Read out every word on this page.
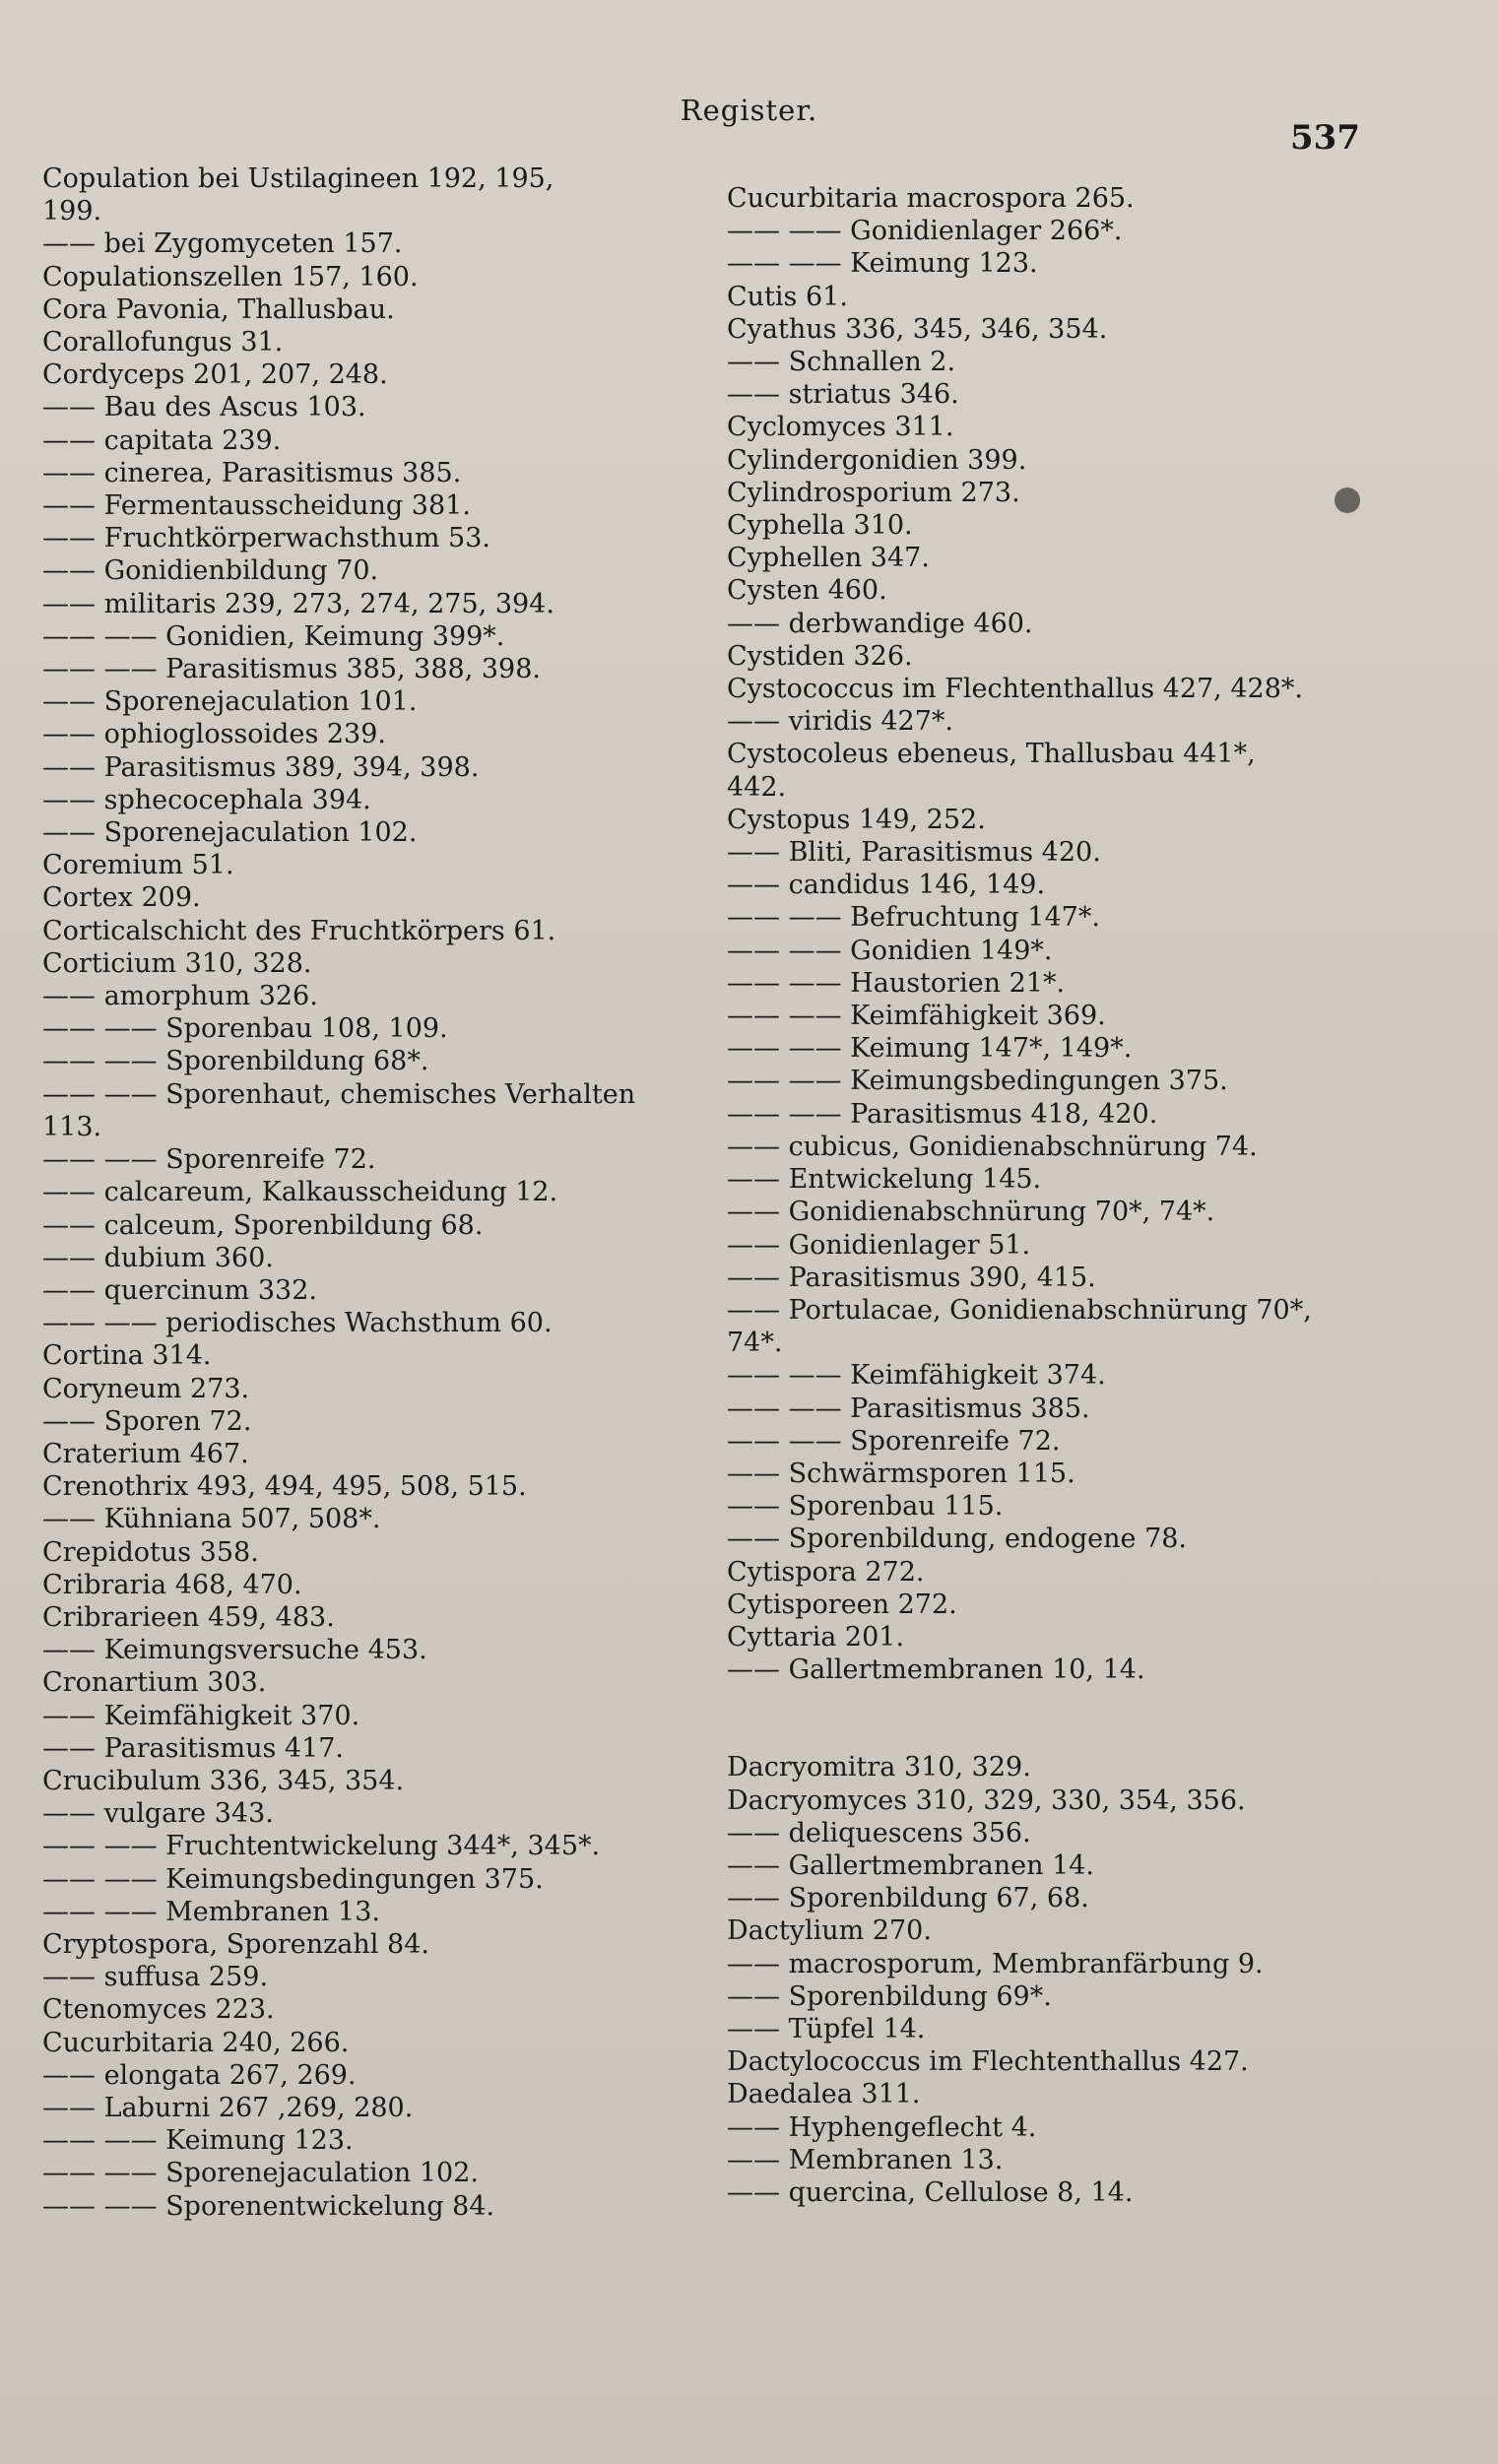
Register.
537
Copulation bei Ustilagineen 192, 195,
199.
—— bei Zygomyceten 157.
Copulationszellen 157, 160.
Cora Pavonia, Thallusbau.
Corallofungus 31.
Cordyceps 201, 207, 248.
—— Bau des Ascus 103.
—— capitata 239.
—— cinerea, Parasitismus 385.
—— Fermentausscheidung 381.
—— Fruchtkörperwachsthum 53.
—— Gonidienbildung 70.
—— militaris 239, 273, 274, 275, 394.
—— —— Gonidien, Keimung 399*.
—— —— Parasitismus 385, 388, 398.
—— Sporenejaculation 101.
—— ophioglossoides 239.
—— Parasitismus 389, 394, 398.
—— sphecocephala 394.
—— Sporenejaculation 102.
Coremium 51.
Cortex 209.
Corticalschicht des Fruchtkörpers 61.
Corticium 310, 328.
—— amorphum 326.
—— —— Sporenbau 108, 109.
—— —— Sporenbildung 68*.
—— —— Sporenhaut, chemisches Verhalten
113.
—— —— Sporenreife 72.
—— calcareum, Kalkausscheidung 12.
—— calceum, Sporenbildung 68.
—— dubium 360.
—— quercinum 332.
—— —— periodisches Wachsthum 60.
Cortina 314.
Coryneum 273.
—— Sporen 72.
Craterium 467.
Crenothrix 493, 494, 495, 508, 515.
—— Kühniana 507, 508*.
Crepidotus 358.
Cribraria 468, 470.
Cribrarieen 459, 483.
—— Keimungsversuche 453.
Cronartium 303.
—— Keimfähigkeit 370.
—— Parasitismus 417.
Crucibulum 336, 345, 354.
—— vulgare 343.
—— —— Fruchtentwickelung 344*, 345*.
—— —— Keimungsbedingungen 375.
—— —— Membranen 13.
Cryptospora, Sporenzahl 84.
—— suffusa 259.
Ctenomyces 223.
Cucurbitaria 240, 266.
—— elongata 267, 269.
—— Laburni 267 ,269, 280.
—— —— Keimung 123.
—— —— Sporenejaculation 102.
—— —— Sporenentwickelung 84.
Cucurbitaria macrospora 265.
—— —— Gonidienlager 266*.
—— —— Keimung 123.
Cutis 61.
Cyathus 336, 345, 346, 354.
—— Schnallen 2.
—— striatus 346.
Cyclomyces 311.
Cylindergonidien 399.
Cylindrosporium 273.
Cyphella 310.
Cyphellen 347.
Cysten 460.
—— derbwandige 460.
Cystiden 326.
Cystococcus im Flechtenthallus 427, 428*.
—— viridis 427*.
Cystocoleus ebeneus, Thallusbau 441*,
442.
Cystopus 149, 252.
—— Bliti, Parasitismus 420.
—— candidus 146, 149.
—— —— Befruchtung 147*.
—— —— Gonidien 149*.
—— —— Haustorien 21*.
—— —— Keimfähigkeit 369.
—— —— Keimung 147*, 149*.
—— —— Keimungsbedingungen 375.
—— —— Parasitismus 418, 420.
—— cubicus, Gonidienabschnürung 74.
—— Entwickelung 145.
—— Gonidienabschnürung 70*, 74*.
—— Gonidienlager 51.
—— Parasitismus 390, 415.
—— Portulacae, Gonidienabschnürung 70*,
74*.
—— —— Keimfähigkeit 374.
—— —— Parasitismus 385.
—— —— Sporenreife 72.
—— Schwärmsporen 115.
—— Sporenbau 115.
—— Sporenbildung, endogene 78.
Cytispora 272.
Cytisporeen 272.
Cyttaria 201.
—— Gallertmembranen 10, 14.
Dacryomitra 310, 329.
Dacryomyces 310, 329, 330, 354, 356.
—— deliquescens 356.
—— Gallertmembranen 14.
—— Sporenbildung 67, 68.
Dactylium 270.
—— macrosporum, Membranfärbung 9.
—— Sporenbildung 69*.
—— Tüpfel 14.
Dactylococcus im Flechtenthallus 427.
Daedalea 311.
—— Hyphengeflecht 4.
—— Membranen 13.
—— quercina, Cellulose 8, 14.
